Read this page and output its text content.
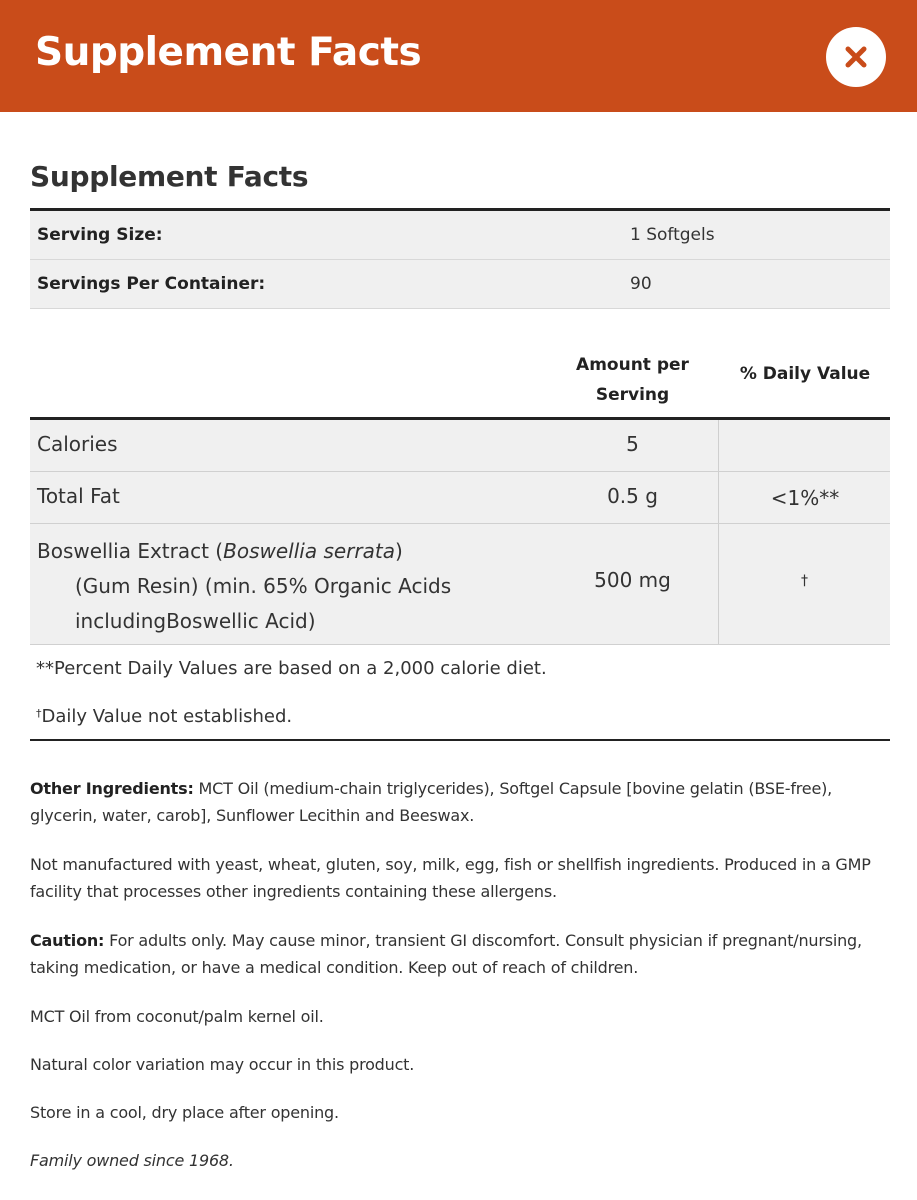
Supplement Facts
Supplement Facts
Serving Size:	1 Softgels
Servings Per Container:	90
Amount per
Serving
% Daily Value
Calories	5
Total Fat	0.5 g	<1%**
Boswellia Extract (Boswellia serrata)
(Gum Resin) (min. 65% Organic Acids
includingBoswellic Acid)
500 mg	†
**Percent Daily Values are based on a 2,000 calorie diet.
†Daily Value not established.

Other Ingredients: MCT Oil (medium-chain triglycerides), Softgel Capsule [bovine gelatin (BSE-free), glycerin, water, carob], Sunflower Lecithin and Beeswax.

Not manufactured with yeast, wheat, gluten, soy, milk, egg, fish or shellfish ingredients. Produced in a GMP facility that processes other ingredients containing these allergens.

Caution: For adults only. May cause minor, transient GI discomfort. Consult physician if pregnant/nursing, taking medication, or have a medical condition. Keep out of reach of children.

MCT Oil from coconut/palm kernel oil.

Natural color variation may occur in this product.

Store in a cool, dry place after opening.

Family owned since 1968.
